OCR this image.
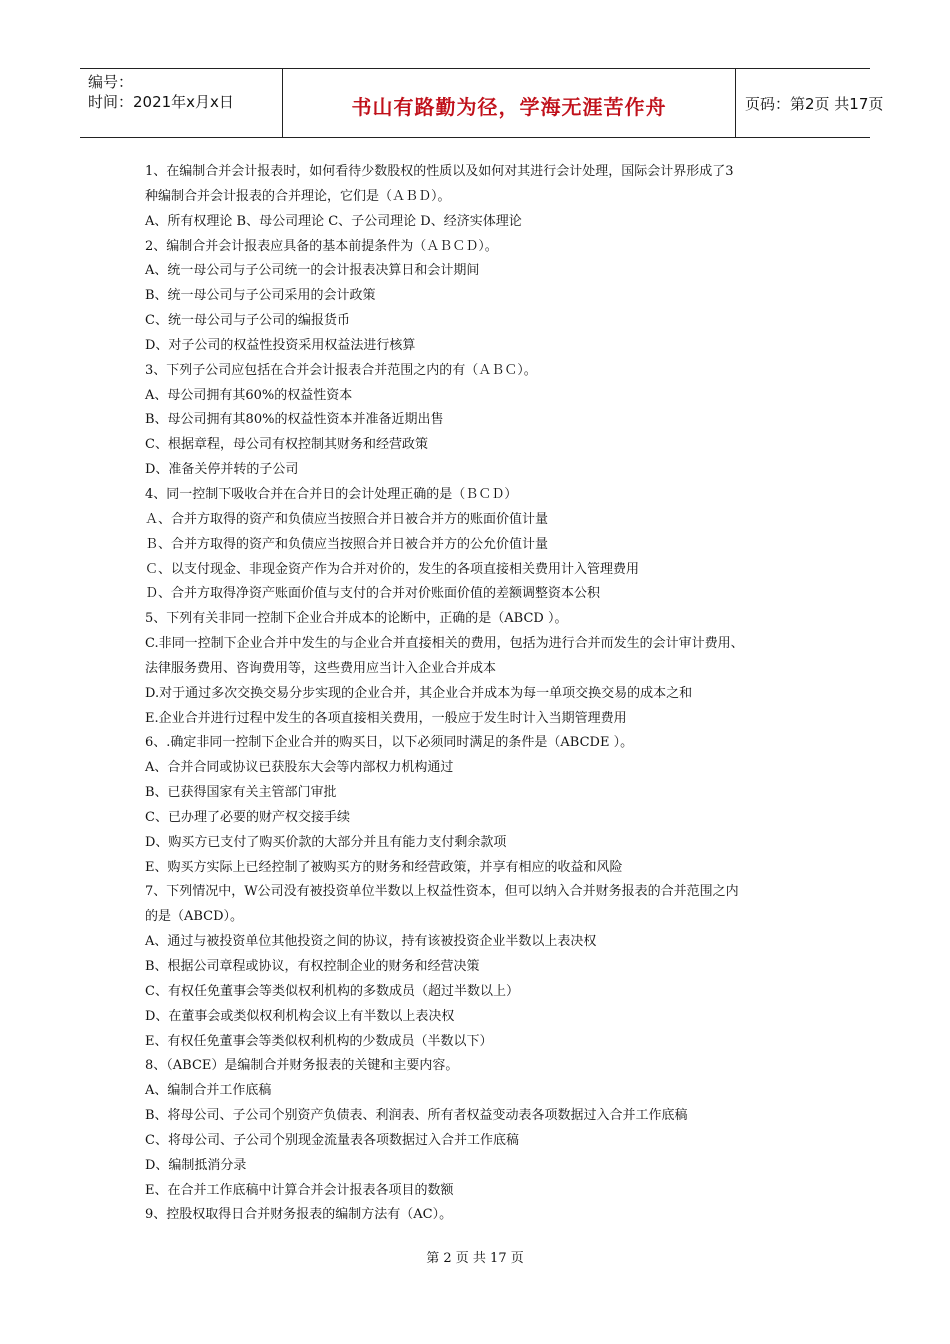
编号：
时间：2021年x月x日	书山有路勤为径，学海无涯苦作舟	页码：第2页 共17页
1、在编制合并会计报表时，如何看待少数股权的性质以及如何对其进行会计处理，国际会计界形成了3
种编制合并会计报表的合并理论，它们是（ＡＢＤ）。
A、所有权理论 B、母公司理论 C、子公司理论 D、经济实体理论
2、编制合并会计报表应具备的基本前提条件为（ＡＢＣＤ）。
A、统一母公司与子公司统一的会计报表决算日和会计期间
B、统一母公司与子公司采用的会计政策
C、统一母公司与子公司的编报货币
D、对子公司的权益性投资采用权益法进行核算
3、下列子公司应包括在合并会计报表合并范围之内的有（ＡＢＣ）。
A、母公司拥有其60%的权益性资本
B、母公司拥有其80%的权益性资本并准备近期出售
C、根据章程，母公司有权控制其财务和经营政策
D、准备关停并转的子公司
4、同一控制下吸收合并在合并日的会计处理正确的是（ＢＣＤ）
Ａ、合并方取得的资产和负债应当按照合并日被合并方的账面价值计量
Ｂ、合并方取得的资产和负债应当按照合并日被合并方的公允价值计量
Ｃ、以支付现金、非现金资产作为合并对价的，发生的各项直接相关费用计入管理费用
Ｄ、合并方取得净资产账面价值与支付的合并对价账面价值的差额调整资本公积
5、下列有关非同一控制下企业合并成本的论断中，正确的是（ABCD ）。
C.非同一控制下企业合并中发生的与企业合并直接相关的费用，包括为进行合并而发生的会计审计费用、
法律服务费用、咨询费用等，这些费用应当计入企业合并成本
D.对于通过多次交换交易分步实现的企业合并，其企业合并成本为每一单项交换交易的成本之和
E.企业合并进行过程中发生的各项直接相关费用，一般应于发生时计入当期管理费用
6、.确定非同一控制下企业合并的购买日，以下必须同时满足的条件是（ABCDE ）。
A、合并合同或协议已获股东大会等内部权力机构通过
B、已获得国家有关主管部门审批
C、已办理了必要的财产权交接手续
D、购买方已支付了购买价款的大部分并且有能力支付剩余款项
E、购买方实际上已经控制了被购买方的财务和经营政策，并享有相应的收益和风险
7、下列情况中，W公司没有被投资单位半数以上权益性资本，但可以纳入合并财务报表的合并范围之内
的是（ABCD）。
A、通过与被投资单位其他投资之间的协议，持有该被投资企业半数以上表决权
B、根据公司章程或协议，有权控制企业的财务和经营决策
C、有权任免董事会等类似权利机构的多数成员（超过半数以上）
D、在董事会或类似权利机构会议上有半数以上表决权
E、有权任免董事会等类似权利机构的少数成员（半数以下）
8、（ABCE）是编制合并财务报表的关键和主要内容。
A、编制合并工作底稿
B、将母公司、子公司个别资产负债表、利润表、所有者权益变动表各项数据过入合并工作底稿
C、将母公司、子公司个别现金流量表各项数据过入合并工作底稿
D、编制抵消分录
E、在合并工作底稿中计算合并会计报表各项目的数额
9、控股权取得日合并财务报表的编制方法有（AC）。
第 2 页 共 17 页
